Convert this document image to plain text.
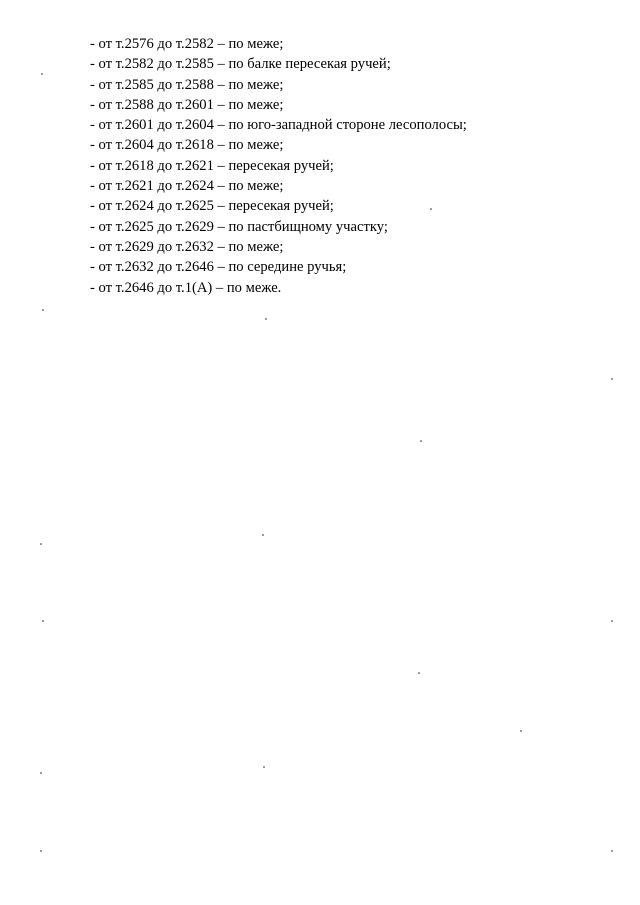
- от т.2576 до т.2582 – по меже;
- от т.2582 до т.2585 – по балке пересекая ручей;
- от т.2585 до т.2588 – по меже;
- от т.2588 до т.2601 – по меже;
- от т.2601 до т.2604 – по юго-западной стороне лесополосы;
- от т.2604 до т.2618 – по меже;
- от т.2618 до т.2621 – пересекая ручей;
- от т.2621 до т.2624 – по меже;
- от т.2624 до т.2625 – пересекая ручей;
- от т.2625 до т.2629 – по пастбищному участку;
- от т.2629 до т.2632 – по меже;
- от т.2632 до т.2646 – по середине ручья;
- от т.2646 до т.1(А) – по меже.
